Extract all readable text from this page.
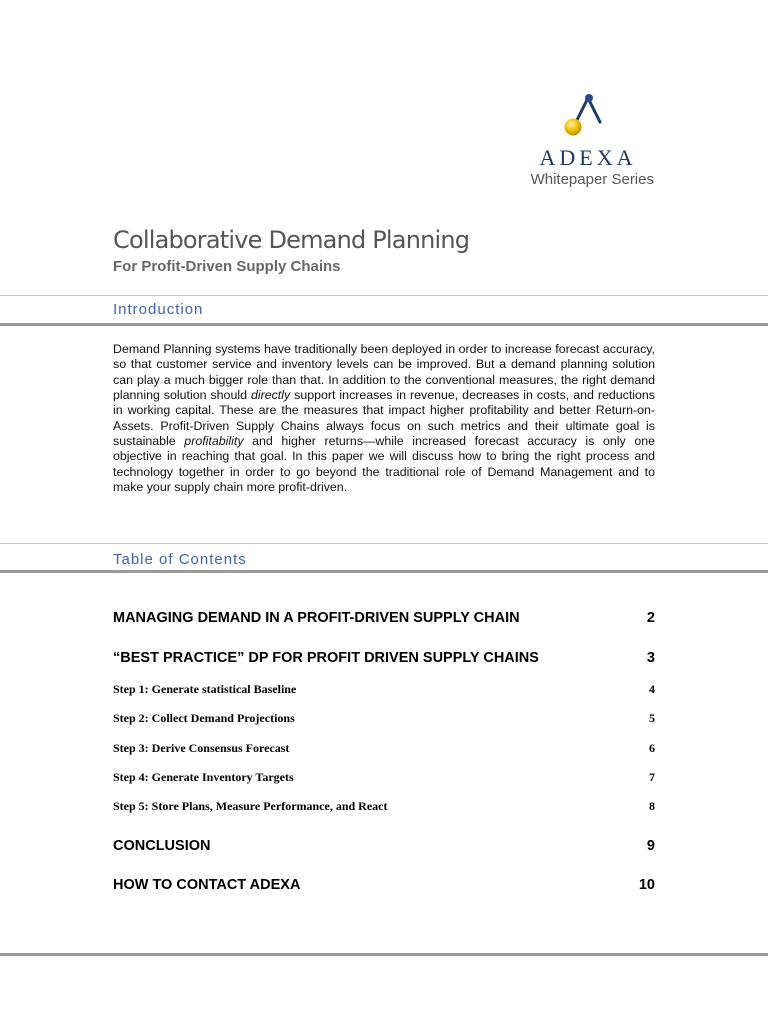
ADEXA
Whitepaper Series
Collaborative Demand Planning
For Profit-Driven Supply Chains
Introduction

Demand Planning systems have traditionally been deployed in order to increase forecast accuracy, so that customer service and inventory levels can be improved. But a demand planning solution can play a much bigger role than that. In addition to the conventional measures, the right demand planning solution should directly support increases in revenue, decreases in costs, and reductions in working capital. These are the measures that impact higher profitability and better Return-on-Assets. Profit-Driven Supply Chains always focus on such metrics and their ultimate goal is sustainable profitability and higher returns—while increased forecast accuracy is only one objective in reaching that goal. In this paper we will discuss how to bring the right process and technology together in order to go beyond the traditional role of Demand Management and to make your supply chain more profit-driven.

Table of Contents
MANAGING DEMAND IN A PROFIT-DRIVEN SUPPLY CHAIN	2
“BEST PRACTICE” DP FOR PROFIT DRIVEN SUPPLY CHAINS	3
Step 1: Generate statistical Baseline	4
Step 2: Collect Demand Projections	5
Step 3: Derive Consensus Forecast	6
Step 4: Generate Inventory Targets	7
Step 5: Store Plans, Measure Performance, and React	8
CONCLUSION	9
HOW TO CONTACT ADEXA	10
